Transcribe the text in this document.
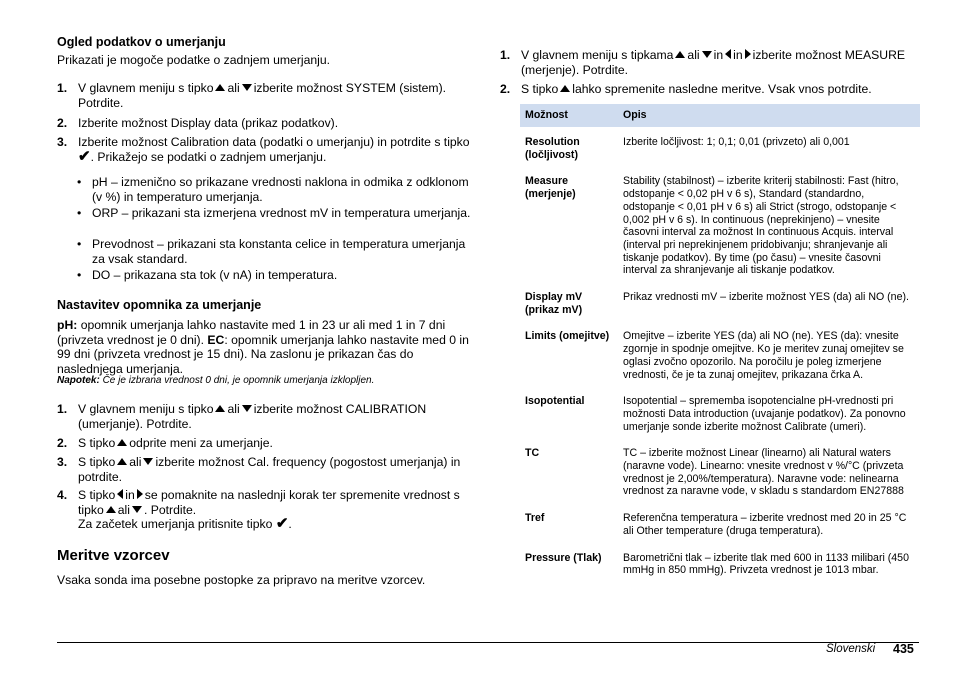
Ogled podatkov o umerjanju
Prikazati je mogoče podatke o zadnjem umerjanju.
1. V glavnem meniju s tipko ali izberite možnost SYSTEM (sistem). Potrdite.
2. Izberite možnost Display data (prikaz podatkov).
3. Izberite možnost Calibration data (podatki o umerjanju) in potrdite s tipko ✔. Prikažejo se podatki o zadnjem umerjanju.
• pH – izmenično so prikazane vrednosti naklona in odmika z odklonom (v %) in temperaturo umerjanja.
• ORP – prikazani sta izmerjena vrednost mV in temperatura umerjanja.
• Prevodnost – prikazani sta konstanta celice in temperatura umerjanja za vsak standard.
• DO – prikazana sta tok (v nA) in temperatura.
Nastavitev opomnika za umerjanje
pH: opomnik umerjanja lahko nastavite med 1 in 23 ur ali med 1 in 7 dni (privzeta vrednost je 0 dni). EC: opomnik umerjanja lahko nastavite med 0 in 99 dni (privzeta vrednost je 15 dni). Na zaslonu je prikazan čas do naslednjega umerjanja.
Napotek: Če je izbrana vrednost 0 dni, je opomnik umerjanja izklopljen.
1. V glavnem meniju s tipko ali izberite možnost CALIBRATION (umerjanje). Potrdite.
2. S tipko odprite meni za umerjanje.
3. S tipko ali izberite možnost Cal. frequency (pogostost umerjanja) in potrdite.
4. S tipko in se pomaknite na naslednji korak ter spremenite vrednost s tipko ali . Potrdite.
Za začetek umerjanja pritisnite tipko ✔.
Meritve vzorcev
Vsaka sonda ima posebne postopke za pripravo na meritve vzorcev.
1. V glavnem meniju s tipkama ali in in izberite možnost MEASURE (merjenje). Potrdite.
2. S tipko lahko spremenite nasledne meritve. Vsak vnos potrdite.
Možnost	Opis
Resolution (ločljivost)	Izberite ločljivost: 1; 0,1; 0,01 (privzeto) ali 0,001
Measure (merjenje)	Stability (stabilnost) – izberite kriterij stabilnosti: Fast (hitro, odstopanje < 0,02 pH v 6 s), Standard (standardno, odstopanje < 0,01 pH v 6 s) ali Strict (strogo, odstopanje < 0,002 pH v 6 s). In continuous (neprekinjeno) – vnesite časovni interval za možnost In continuous Acquis. interval (interval pri neprekinjenem pridobivanju; shranjevanje ali tiskanje podatkov). By time (po času) – vnesite časovni interval za shranjevanje ali tiskanje podatkov.
Display mV (prikaz mV)	Prikaz vrednosti mV – izberite možnost YES (da) ali NO (ne).
Limits (omejitve)	Omejitve – izberite YES (da) ali NO (ne). YES (da): vnesite zgornje in spodnje omejitve. Ko je meritev zunaj omejitev se oglasi zvočno opozorilo. Na poročilu je poleg izmerjene vrednosti, če je ta zunaj omejitev, prikazana črka A.
Isopotential	Isopotential – sprememba isopotencialne pH-vrednosti pri možnosti Data introduction (uvajanje podatkov). Za ponovno umerjanje sonde izberite možnost Calibrate (umeri).
TC	TC – izberite možnost Linear (linearno) ali Natural waters (naravne vode). Linearno: vnesite vrednost v %/°C (privzeta vrednost je 2,00%/temperatura). Naravne vode: nelinearna vrednost za naravne vode, v skladu s standardom EN27888
Tref	Referenčna temperatura – izberite vrednost med 20 in 25 °C ali Other temperature (druga temperatura).
Pressure (Tlak)	Barometrični tlak – izberite tlak med 600 in 1133 milibari (450 mmHg in 850 mmHg). Privzeta vrednost je 1013 mbar.
Slovenski 435
